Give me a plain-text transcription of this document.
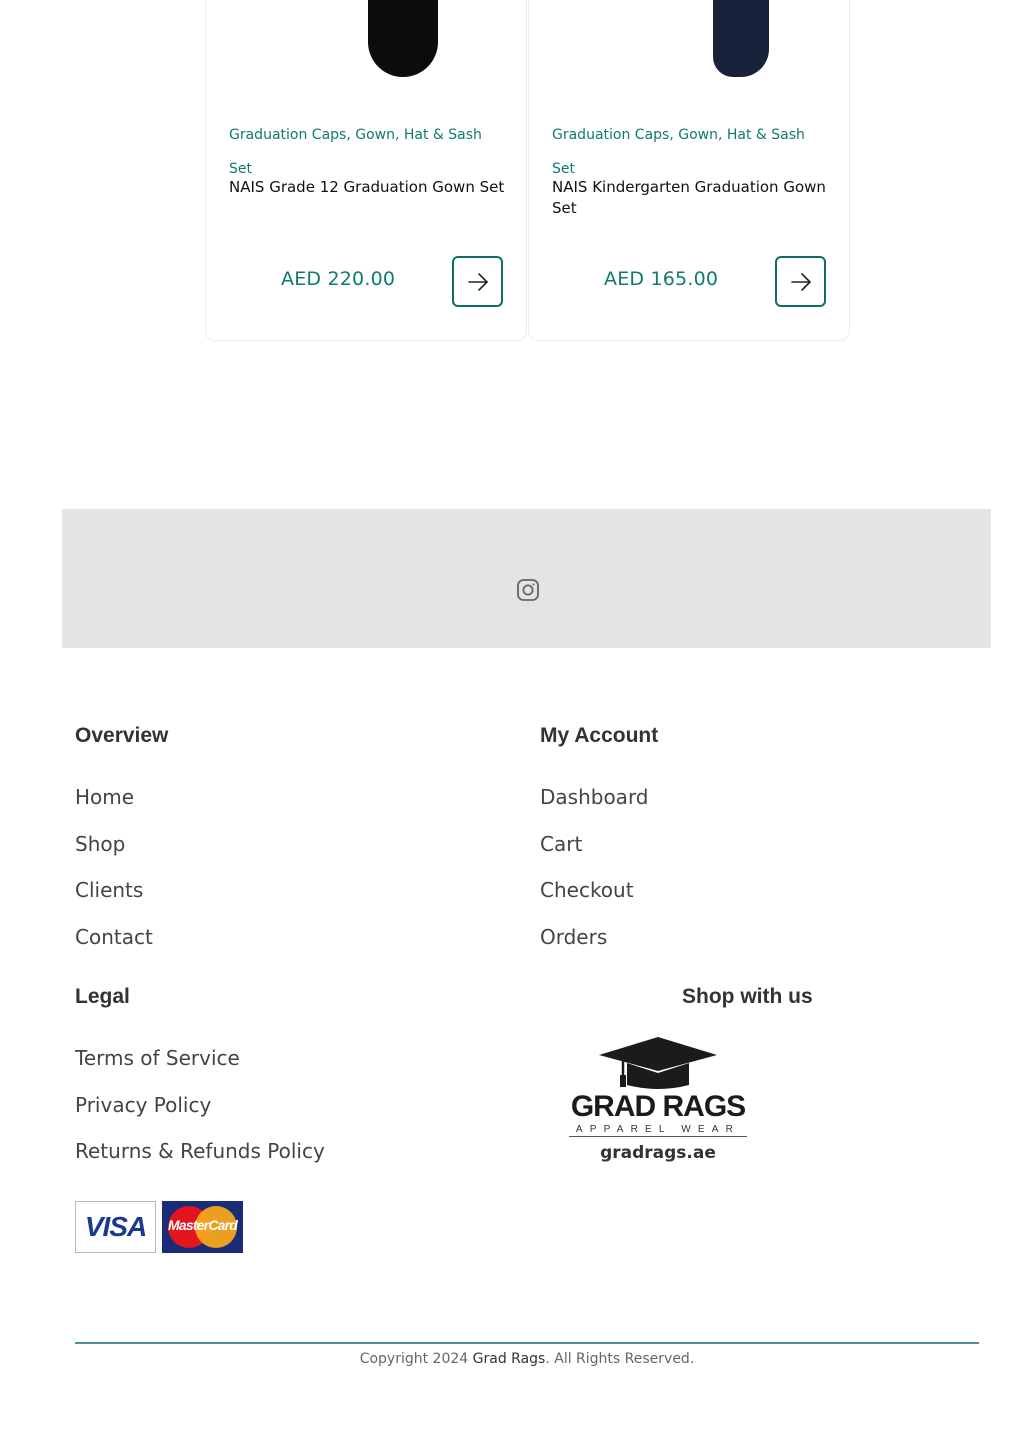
Graduation Caps, Gown, Hat & Sash Set
NAIS Grade 12 Graduation Gown Set
AED 220.00
Graduation Caps, Gown, Hat & Sash Set
NAIS Kindergarten Graduation Gown Set
AED 165.00
Overview
Home
Shop
Clients
Contact
My Account
Dashboard
Cart
Checkout
Orders
Legal
Terms of Service
Privacy Policy
Returns & Refunds Policy
Shop with us
GRAD RAGS
APPAREL WEAR
gradrags.ae
VISA MasterCard
Copyright 2024 Grad Rags. All Rights Reserved.
